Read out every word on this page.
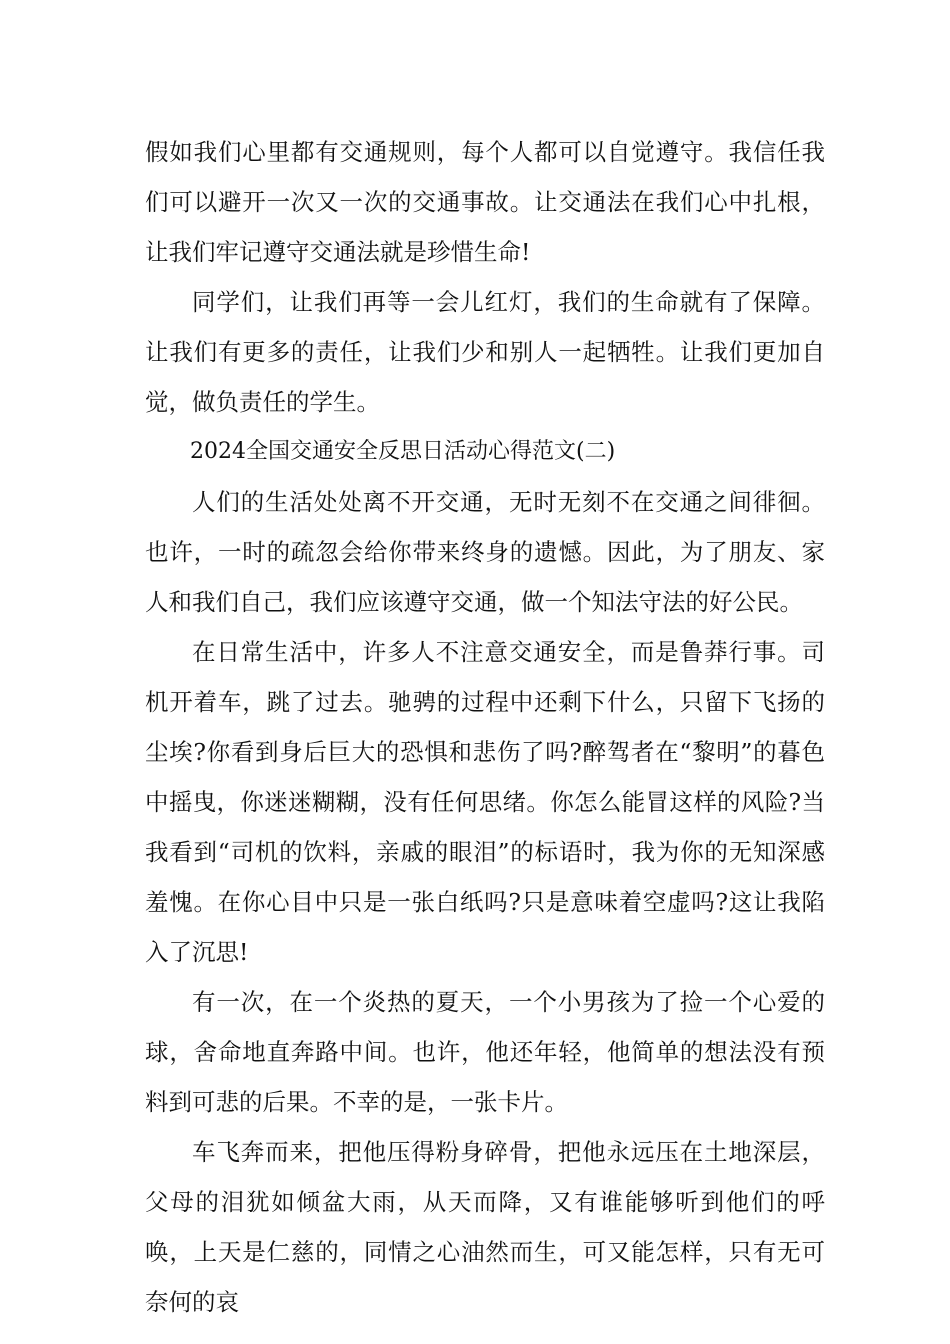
假如我们心里都有交通规则，每个人都可以自觉遵守。我信任我们可以避开一次又一次的交通事故。让交通法在我们心中扎根，让我们牢记遵守交通法就是珍惜生命!

同学们，让我们再等一会儿红灯，我们的生命就有了保障。让我们有更多的责任，让我们少和别人一起牺牲。让我们更加自觉，做负责任的学生。

2024全国交通安全反思日活动心得范文(二)

人们的生活处处离不开交通，无时无刻不在交通之间徘徊。也许，一时的疏忽会给你带来终身的遗憾。因此，为了朋友、家人和我们自己，我们应该遵守交通，做一个知法守法的好公民。

在日常生活中，许多人不注意交通安全，而是鲁莽行事。司机开着车，跳了过去。驰骋的过程中还剩下什么，只留下飞扬的尘埃?你看到身后巨大的恐惧和悲伤了吗?醉驾者在“黎明”的暮色中摇曳，你迷迷糊糊，没有任何思绪。你怎么能冒这样的风险?当我看到“司机的饮料，亲戚的眼泪”的标语时，我为你的无知深感羞愧。在你心目中只是一张白纸吗?只是意味着空虚吗?这让我陷入了沉思!

有一次，在一个炎热的夏天，一个小男孩为了捡一个心爱的球，舍命地直奔路中间。也许，他还年轻，他简单的想法没有预料到可悲的后果。不幸的是，一张卡片。

车飞奔而来，把他压得粉身碎骨，把他永远压在土地深层，父母的泪犹如倾盆大雨，从天而降，又有谁能够听到他们的呼唤，上天是仁慈的，同情之心油然而生，可又能怎样，只有无可奈何的哀
